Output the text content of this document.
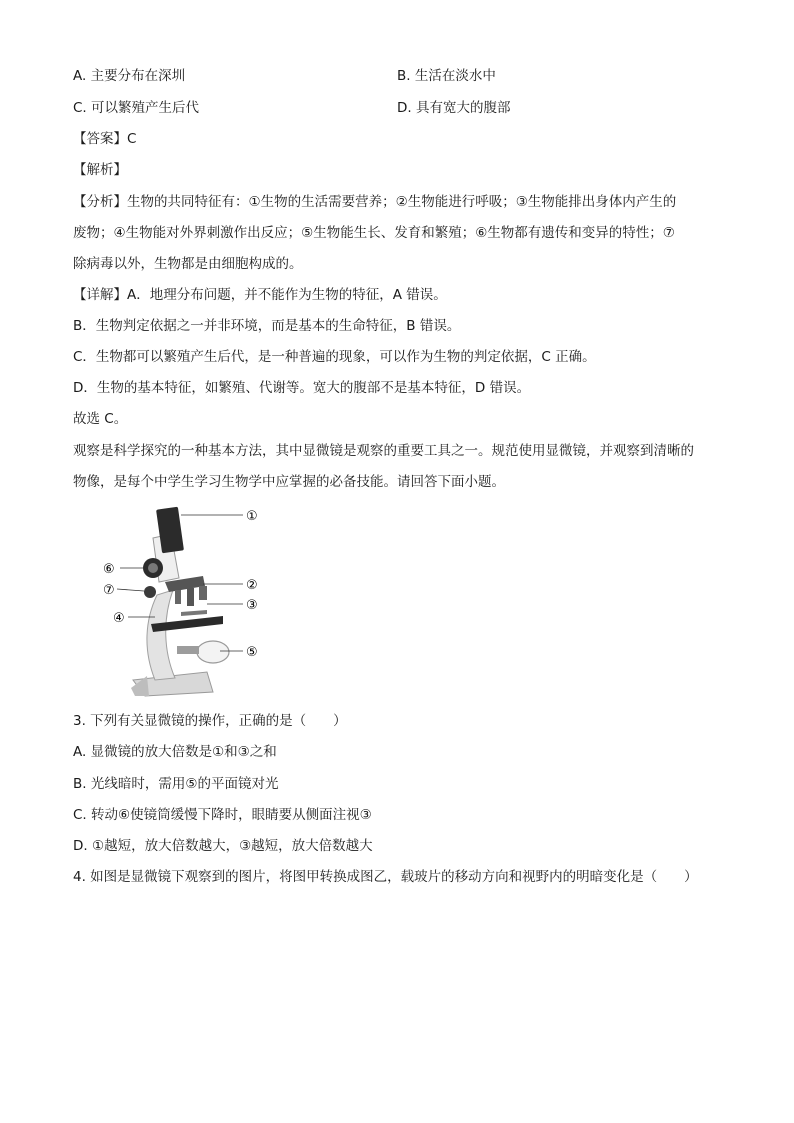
A. 主要分布在深圳	B. 生活在淡水中
C. 可以繁殖产生后代	D. 具有宽大的腹部
【答案】C
【解析】
【分析】生物的共同特征有：①生物的生活需要营养；②生物能进行呼吸；③生物能排出身体内产生的
废物；④生物能对外界刺激作出反应；⑤生物能生长、发育和繁殖；⑥生物都有遗传和变异的特性；⑦
除病毒以外，生物都是由细胞构成的。
【详解】A．地理分布问题，并不能作为生物的特征，A 错误。
B．生物判定依据之一并非环境，而是基本的生命特征，B 错误。
C．生物都可以繁殖产生后代，是一种普遍的现象，可以作为生物的判定依据，C 正确。
D．生物的基本特征，如繁殖、代谢等。宽大的腹部不是基本特征，D 错误。
故选 C。
观察是科学探究的一种基本方法，其中显微镜是观察的重要工具之一。规范使用显微镜，并观察到清晰的
物像，是每个中学生学习生物学中应掌握的必备技能。请回答下面小题。
①
②
③
⑤
⑥
⑦
④
3. 下列有关显微镜的操作，正确的是（　　）
A. 显微镜的放大倍数是①和③之和
B. 光线暗时，需用⑤的平面镜对光
C. 转动⑥使镜筒缓慢下降时，眼睛要从侧面注视③
D. ①越短，放大倍数越大，③越短，放大倍数越大
4. 如图是显微镜下观察到的图片，将图甲转换成图乙，载玻片的移动方向和视野内的明暗变化是（　　）
